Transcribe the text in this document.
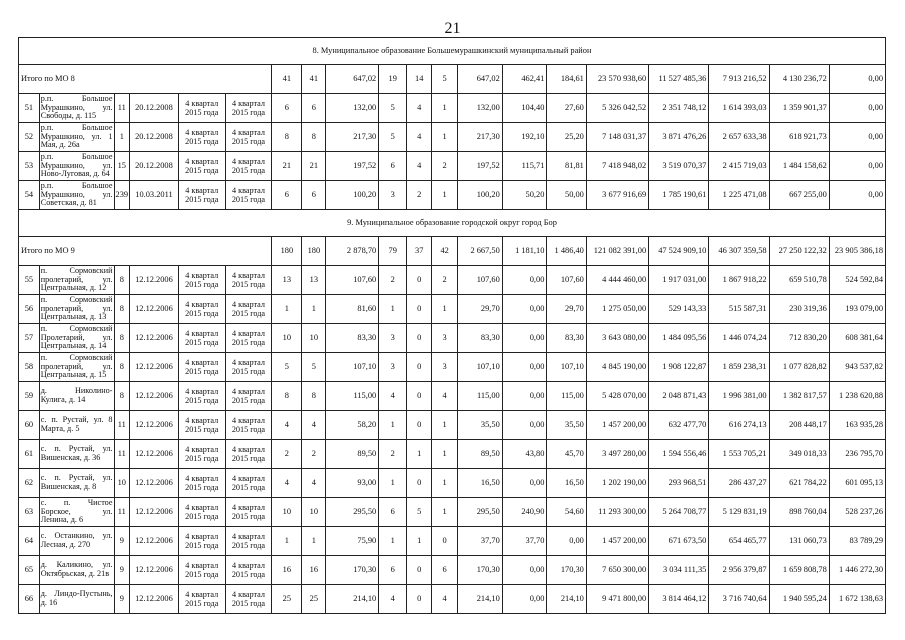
21
8. Муниципальное образование Большемурашкинский муниципальный район																			
Итого по МО 8						41	41	647,02	19	14	5	647,02	462,41	184,61	23 570 938,60	11 527 485,36	7 913 216,52	4 130 236,72	0,00
51	р.п. Большое Мурашкино, ул. Свободы, д. 115	11	20.12.2008	4 квартал 2015 года	4 квартал 2015 года	6	6	132,00	5	4	1	132,00	104,40	27,60	5 326 042,52	2 351 748,12	1 614 393,03	1 359 901,37	0,00
52	р.п. Большое Мурашкино, ул. 1 Мая, д. 26а	1	20.12.2008	4 квартал 2015 года	4 квартал 2015 года	8	8	217,30	5	4	1	217,30	192,10	25,20	7 148 031,37	3 871 476,26	2 657 633,38	618 921,73	0,00
53	р.п. Большое Мурашкино, ул. Ново-Луговая, д. 64	15	20.12.2008	4 квартал 2015 года	4 квартал 2015 года	21	21	197,52	6	4	2	197,52	115,71	81,81	7 418 948,02	3 519 070,37	2 415 719,03	1 484 158,62	0,00
54	р.п. Большое Мурашкино, ул. Советская, д. 81	239	10.03.2011	4 квартал 2015 года	4 квартал 2015 года	6	6	100,20	3	2	1	100,20	50,20	50,00	3 677 916,69	1 785 190,61	1 225 471,08	667 255,00	0,00
9. Муниципальное образование городской округ город Бор																			
Итого по МО 9						180	180	2 878,70	79	37	42	2 667,50	1 181,10	1 486,40	121 082 391,00	47 524 909,10	46 307 359,58	27 250 122,32	23 905 386,18
55	п. Сормовский пролетарий, ул. Центральная, д. 12	8	12.12.2006	4 квартал 2015 года	4 квартал 2015 года	13	13	107,60	2	0	2	107,60	0,00	107,60	4 444 460,00	1 917 031,00	1 867 918,22	659 510,78	524 592,84
56	п. Сормовский пролетарий, ул. Центральная, д. 13	8	12.12.2006	4 квартал 2015 года	4 квартал 2015 года	1	1	81,60	1	0	1	29,70	0,00	29,70	1 275 050,00	529 143,33	515 587,31	230 319,36	193 079,00
57	п. Сормовский Пролетарий, ул. Центральная, д. 14	8	12.12.2006	4 квартал 2015 года	4 квартал 2015 года	10	10	83,30	3	0	3	83,30	0,00	83,30	3 643 080,00	1 484 095,56	1 446 074,24	712 830,20	608 381,64
58	п. Сормовский пролетарий, ул. Центральная, д. 15	8	12.12.2006	4 квартал 2015 года	4 квартал 2015 года	5	5	107,10	3	0	3	107,10	0,00	107,10	4 845 190,00	1 908 122,87	1 859 238,31	1 077 828,82	943 537,82
59	д. Николино-Кулига, д. 14	8	12.12.2006	4 квартал 2015 года	4 квартал 2015 года	8	8	115,00	4	0	4	115,00	0,00	115,00	5 428 070,00	2 048 871,43	1 996 381,00	1 382 817,57	1 238 620,88
60	с. п. Рустай, ул. 8 Марта, д. 5	11	12.12.2006	4 квартал 2015 года	4 квартал 2015 года	4	4	58,20	1	0	1	35,50	0,00	35,50	1 457 200,00	632 477,70	616 274,13	208 448,17	163 935,28
61	с. п. Рустай, ул. Вишенская, д. 36	11	12.12.2006	4 квартал 2015 года	4 квартал 2015 года	2	2	89,50	2	1	1	89,50	43,80	45,70	3 497 280,00	1 594 556,46	1 553 705,21	349 018,33	236 795,70
62	с. п. Рустай, ул. Вишенская, д. 8	10	12.12.2006	4 квартал 2015 года	4 квартал 2015 года	4	4	93,00	1	0	1	16,50	0,00	16,50	1 202 190,00	293 968,51	286 437,27	621 784,22	601 095,13
63	с. п. Чистое Борское, ул. Ленина, д. 6	11	12.12.2006	4 квартал 2015 года	4 квартал 2015 года	10	10	295,50	6	5	1	295,50	240,90	54,60	11 293 300,00	5 264 708,77	5 129 831,19	898 760,04	528 237,26
64	с. Останкино, ул. Лесная, д. 270	9	12.12.2006	4 квартал 2015 года	4 квартал 2015 года	1	1	75,90	1	1	0	37,70	37,70	0,00	1 457 200,00	671 673,50	654 465,77	131 060,73	83 789,29
65	д. Каликино, ул. Октябрьская, д. 21в	9	12.12.2006	4 квартал 2015 года	4 квартал 2015 года	16	16	170,30	6	0	6	170,30	0,00	170,30	7 650 300,00	3 034 111,35	2 956 379,87	1 659 808,78	1 446 272,30
66	д. Линдо-Пустынь, д. 16	9	12.12.2006	4 квартал 2015 года	4 квартал 2015 года	25	25	214,10	4	0	4	214,10	0,00	214,10	9 471 800,00	3 814 464,12	3 716 740,64	1 940 595,24	1 672 138,63
